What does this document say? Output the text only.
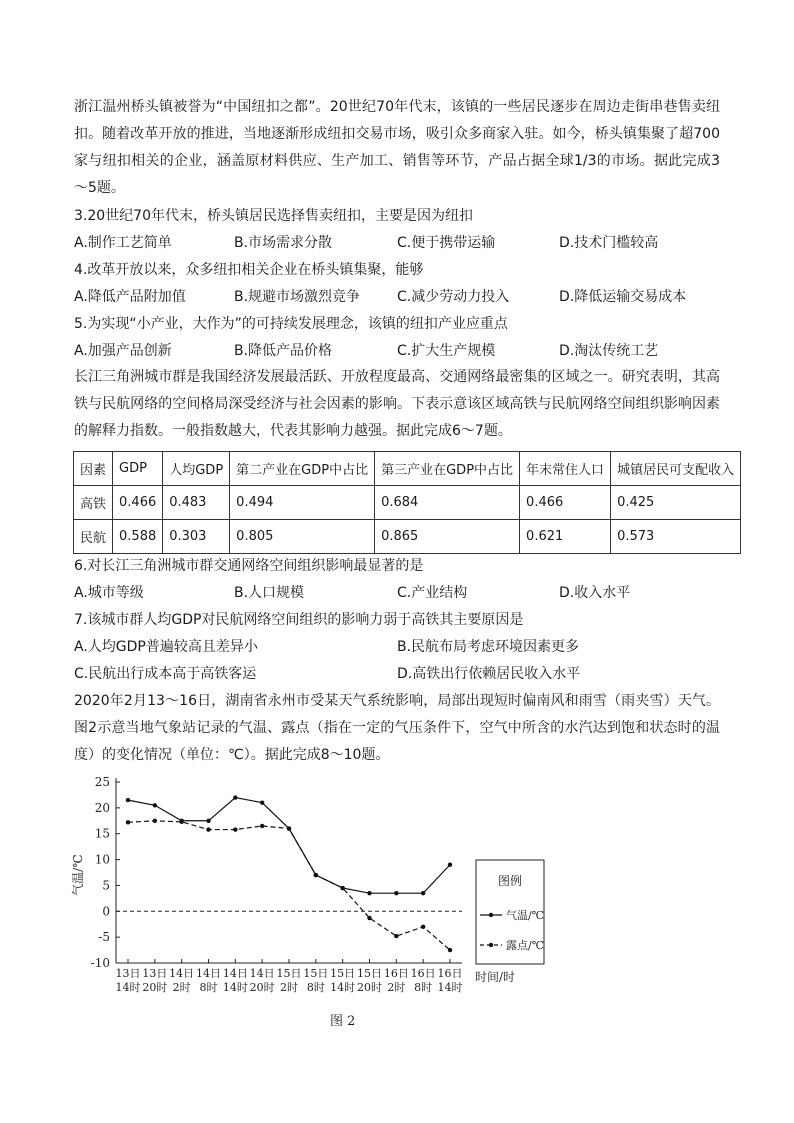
浙江温州桥头镇被誉为“中国纽扣之都”。20世纪70年代末，该镇的一些居民逐步在周边走街串巷售卖纽扣。随着改革开放的推进，当地逐渐形成纽扣交易市场，吸引众多商家入驻。如今，桥头镇集聚了超700家与纽扣相关的企业，涵盖原材料供应、生产加工、销售等环节，产品占据全球1/3的市场。据此完成3～5题。
3.20世纪70年代末，桥头镇居民选择售卖纽扣，主要是因为纽扣
A.制作工艺简单	B.市场需求分散	C.便于携带运输	D.技术门槛较高
4.改革开放以来，众多纽扣相关企业在桥头镇集聚，能够
A.降低产品附加值	B.规避市场激烈竞争	C.减少劳动力投入	D.降低运输交易成本
5.为实现“小产业，大作为”的可持续发展理念，该镇的纽扣产业应重点
A.加强产品创新	B.降低产品价格	C.扩大生产规模	D.淘汰传统工艺
长江三角洲城市群是我国经济发展最活跃、开放程度最高、交通网络最密集的区域之一。研究表明，其高铁与民航网络的空间格局深受经济与社会因素的影响。下表示意该区域高铁与民航网络空间组织影响因素的解释力指数。一般指数越大，代表其影响力越强。据此完成6～7题。
因素	GDP	人均GDP	第二产业在GDP中占比	第三产业在GDP中占比	年末常住人口	城镇居民可支配收入
高铁	0.466	0.483	0.494	0.684	0.466	0.425
民航	0.588	0.303	0.805	0.865	0.621	0.573
6.对长江三角洲城市群交通网络空间组织影响最显著的是
A.城市等级	B.人口规模	C.产业结构	D.收入水平
7.该城市群人均GDP对民航网络空间组织的影响力弱于高铁其主要原因是
A.人均GDP普遍较高且差异小	B.民航布局考虑环境因素更多
C.民航出行成本高于高铁客运	D.高铁出行依赖居民收入水平
2020年2月13～16日，湖南省永州市受某天气系统影响，局部出现短时偏南风和雨雪（雨夹雪）天气。图2示意当地气象站记录的气温、露点（指在一定的气压条件下，空气中所含的水汽达到饱和状态时的温度）的变化情况（单位：℃）。据此完成8～10题。
13日
14时
13日
20时
14日
2时
14日
8时
14日
14时
14日
20时
15日
2时
15日
8时
15日
14时
15日
20时
16日
2时
16日
8时
16日
14时
25
20
15
10
5
0
-5
-10
气温/℃
时间/时
图例
气温/℃
露点/℃
图 2
